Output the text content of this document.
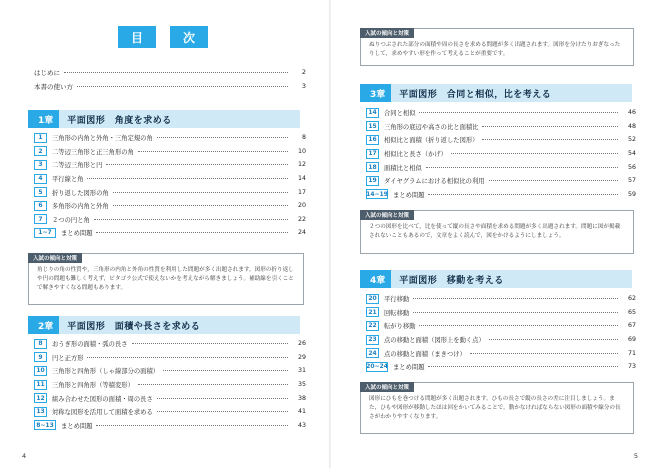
目	次
はじめに	2
本書の使い方	3
1章	平面図形　角度を求める
1	三角形の内角と外角・三角定規の角	8
2	二等辺三角形と正三角形の角	10
3	二等辺三角形と円	12
4	平行線と角	14
5	折り返した図形の角	17
6	多角形の内角と外角	20
7	２つの円と角	22
1~7	まとめ問題	24
入試の傾向と対策

角じりの角の性質や，三角形の内角と外角の性質を利用した問題が多く出題されます。図形の折り返しや円の問題も難しく考えず，ピタゴラ公式で使えないかを考えながら解きましょう。補助線を引くことで解きやすくなる問題もあります。

2章	平面図形　面積や長さを求める
8	おうぎ形の面積・弧の長さ	26
9	円と正方形	29
10	三角形と四角形（しゃ線部分の面積）	31
11	三角形と四角形（等積変形）	35
12	組み合わせた図形の面積・周の長さ	38
13	対称な図形を活用して面積を求める	41
8~13	まとめ問題	43
4
入試の傾向と対策

ぬりつぶされた部分の面積や周の長さを求める問題が多く出題されます。図形を分けたりおぎなったりして，求めやすい形を作って考えることが重要です。

3章	平面図形　合同と相似，比を考える
14	合同と相似	46
15	三角形の底辺や高さの比と面積比	48
16	相似比と面積（折り返した図形）	52
17	相似比と長さ（かげ）	54
18	面積比と相似	56
19	ダイヤグラムにおける相似比の利用	57
14~19 まとめ問題	59
入試の傾向と対策

２つの図形を比べて，比を使って縦の長さや面積を求める問題が多く出題されます。問題に図が掲載されないこともあるので，文章をよく読んで，図をかけるようにしましょう。

4章	平面図形　移動を考える
20	平行移動	62
21	回転移動	65
22	転がり移動	67
23	点の移動と面積（図形上を動く点）	69
24	点の移動と面積（まきつけ）	71
20~24 まとめ問題	73
入試の傾向と対策

図形にひもを巻つける問題が多く出題されます。ひもの長さで縦の長さの差に注目しましょう。また，ひもや図形が移動したほは回をかいてみることで，動かなければならない図形の面積や線分の長さがわかりやすくなります。

5
